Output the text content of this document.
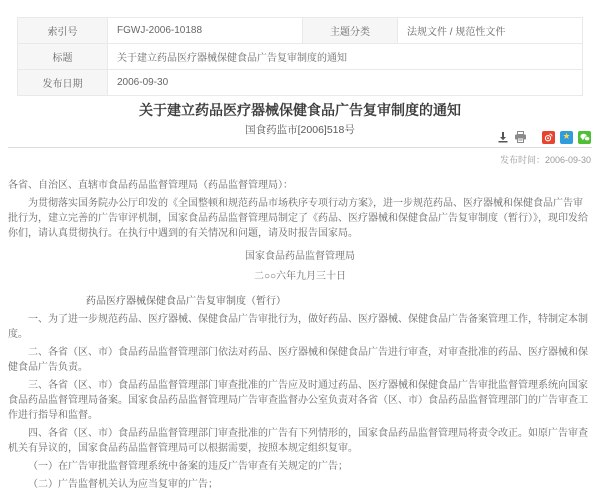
索引号	FGWJ-2006-10188	主题分类	法规文件 / 规范性文件
标题	关于建立药品医疗器械保健食品广告复审制度的通知		
发布日期	2006-09-30		
关于建立药品医疗器械保健食品广告复审制度的通知
国食药监市[2006]518号
★
发布时间：2006-09-30

各省、自治区、直辖市食品药品监督管理局（药品监督管理局）：

为贯彻落实国务院办公厅印发的《全国整顿和规范药品市场秩序专项行动方案》，进一步规范药品、医疗器械和保健食品广告审批行为，建立完善的广告审评机制，国家食品药品监督管理局制定了《药品、医疗器械和保健食品广告复审制度（暂行）》，现印发给你们，请认真贯彻执行。在执行中遇到的有关情况和问题，请及时报告国家局。

国家食品药品监督管理局

二○○六年九月三十日

药品医疗器械保健食品广告复审制度（暂行）

一、为了进一步规范药品、医疗器械、保健食品广告审批行为，做好药品、医疗器械、保健食品广告备案管理工作，特制定本制度。

二、各省（区、市）食品药品监督管理部门依法对药品、医疗器械和保健食品广告进行审查，对审查批准的药品、医疗器械和保健食品广告负责。

三、各省（区、市）食品药品监督管理部门审查批准的广告应及时通过药品、医疗器械和保健食品广告审批监督管理系统向国家食品药品监督管理局备案。国家食品药品监督管理局广告审查监督办公室负责对各省（区、市）食品药品监督管理部门的广告审查工作进行指导和监督。

四、各省（区、市）食品药品监督管理部门审查批准的广告有下列情形的，国家食品药品监督管理局将责令改正。如原广告审查机关有异议的，国家食品药品监督管理局可以根据需要，按照本规定组织复审。

（一）在广告审批监督管理系统中备案的违反广告审查有关规定的广告；

（二）广告监督机关认为应当复审的广告；
